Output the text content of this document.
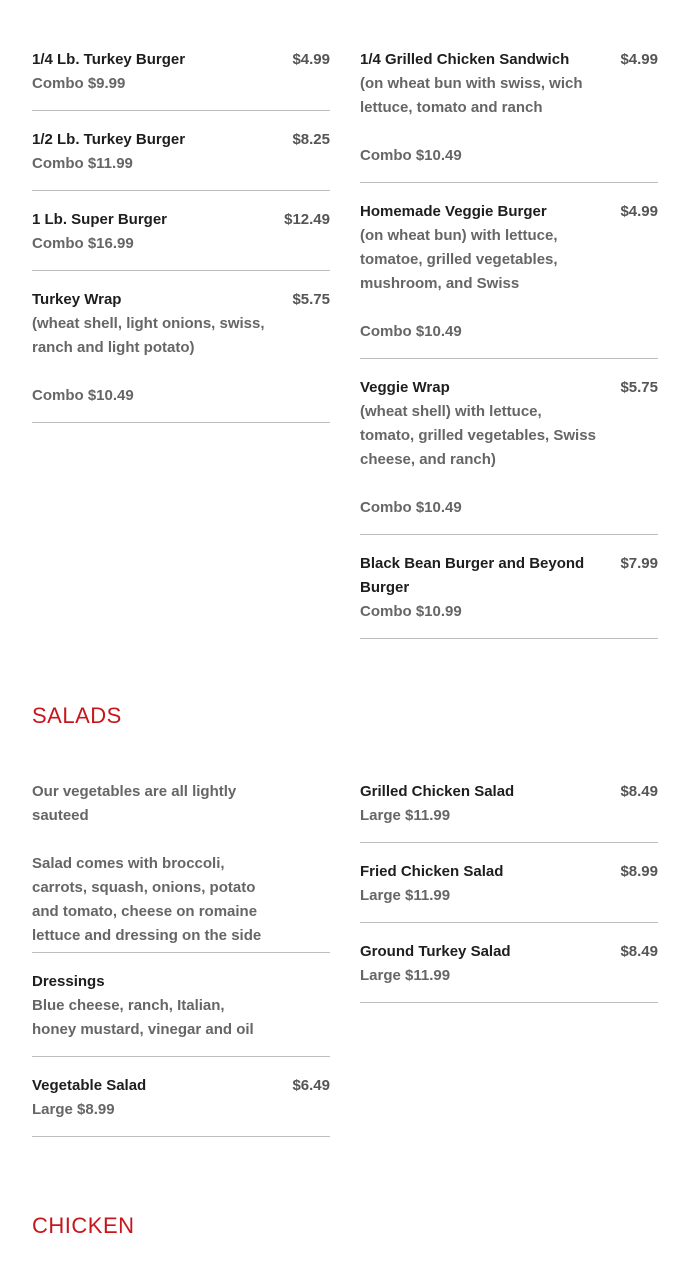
1/4 Lb. Turkey Burger	$4.99
Combo $9.99
1/2 Lb. Turkey Burger	$8.25
Combo $11.99
1 Lb. Super Burger	$12.49
Combo $16.99
Turkey Wrap	$5.75
(wheat shell, light onions, swiss,
ranch and light potato)
Combo $10.49
1/4 Grilled Chicken Sandwich	$4.99
(on wheat bun with swiss, wich
lettuce, tomato and ranch
Combo $10.49
Homemade Veggie Burger	$4.99
(on wheat bun) with lettuce,
tomatoe, grilled vegetables,
mushroom, and Swiss
Combo $10.49
Veggie Wrap	$5.75
(wheat shell) with lettuce,
tomato, grilled vegetables, Swiss
cheese, and ranch)
Combo $10.49
Black Bean Burger and Beyond Burger
$7.99
Combo $10.99
SALADS
Our vegetables are all lightly
sauteed
Salad comes with broccoli,
carrots, squash, onions, potato
and tomato, cheese on romaine
lettuce and dressing on the side
Dressings
Blue cheese, ranch, Italian,
honey mustard, vinegar and oil
Vegetable Salad	$6.49
Large $8.99
Grilled Chicken Salad	$8.49
Large $11.99
Fried Chicken Salad	$8.99
Large $11.99
Ground Turkey Salad	$8.49
Large $11.99
CHICKEN
